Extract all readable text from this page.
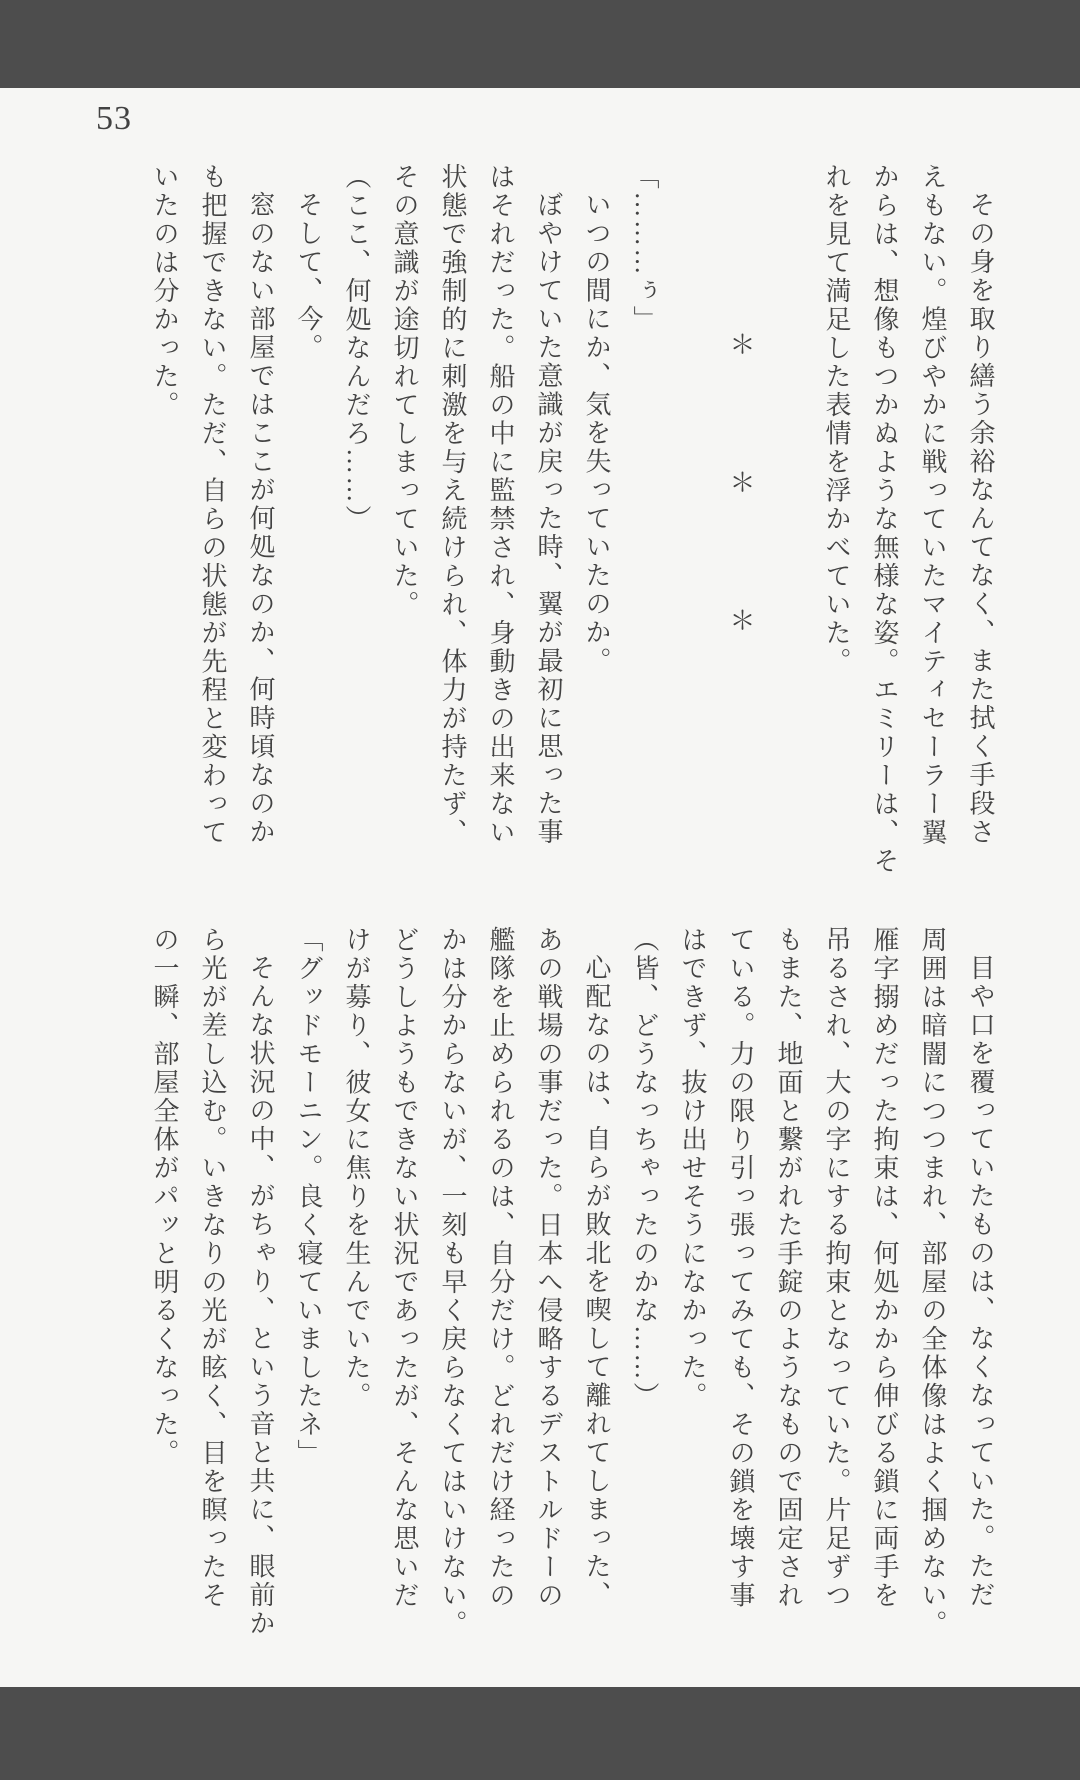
53
その身を取り繕う余裕なんてなく、また拭く手段さ
えもない。煌びやかに戦っていたマイティセーラー翼
からは、想像もつかぬような無様な姿。エミリーは、そ
れを見て満足した表情を浮かべていた。

＊＊＊

「………ぅ」
いつの間にか、気を失っていたのか。
ぼやけていた意識が戻った時、翼が最初に思った事
はそれだった。船の中に監禁され、身動きの出来ない
状態で強制的に刺激を与え続けられ、体力が持たず、
その意識が途切れてしまっていた。
（ここ、何処なんだろ……）
そして、今。
窓のない部屋ではここが何処なのか、何時頃なのか
も把握できない。ただ、自らの状態が先程と変わって
いたのは分かった。
目や口を覆っていたものは、なくなっていた。ただ
周囲は暗闇につつまれ、部屋の全体像はよく掴めない。
雁字搦めだった拘束は、何処かから伸びる鎖に両手を
吊るされ、大の字にする拘束となっていた。片足ずつ
もまた、地面と繋がれた手錠のようなもので固定され
ている。力の限り引っ張ってみても、その鎖を壊す事
はできず、抜け出せそうになかった。
（皆、どうなっちゃったのかな……）
心配なのは、自らが敗北を喫して離れてしまった、
あの戦場の事だった。日本へ侵略するデストルドーの
艦隊を止められるのは、自分だけ。どれだけ経ったの
かは分からないが、一刻も早く戻らなくてはいけない。
どうしようもできない状況であったが、そんな思いだ
けが募り、彼女に焦りを生んでいた。
「グッドモーニン。良く寝ていましたネ」
そんな状況の中、がちゃり、という音と共に、眼前か
ら光が差し込む。いきなりの光が眩く、目を瞑ったそ
の一瞬、部屋全体がパッと明るくなった。
